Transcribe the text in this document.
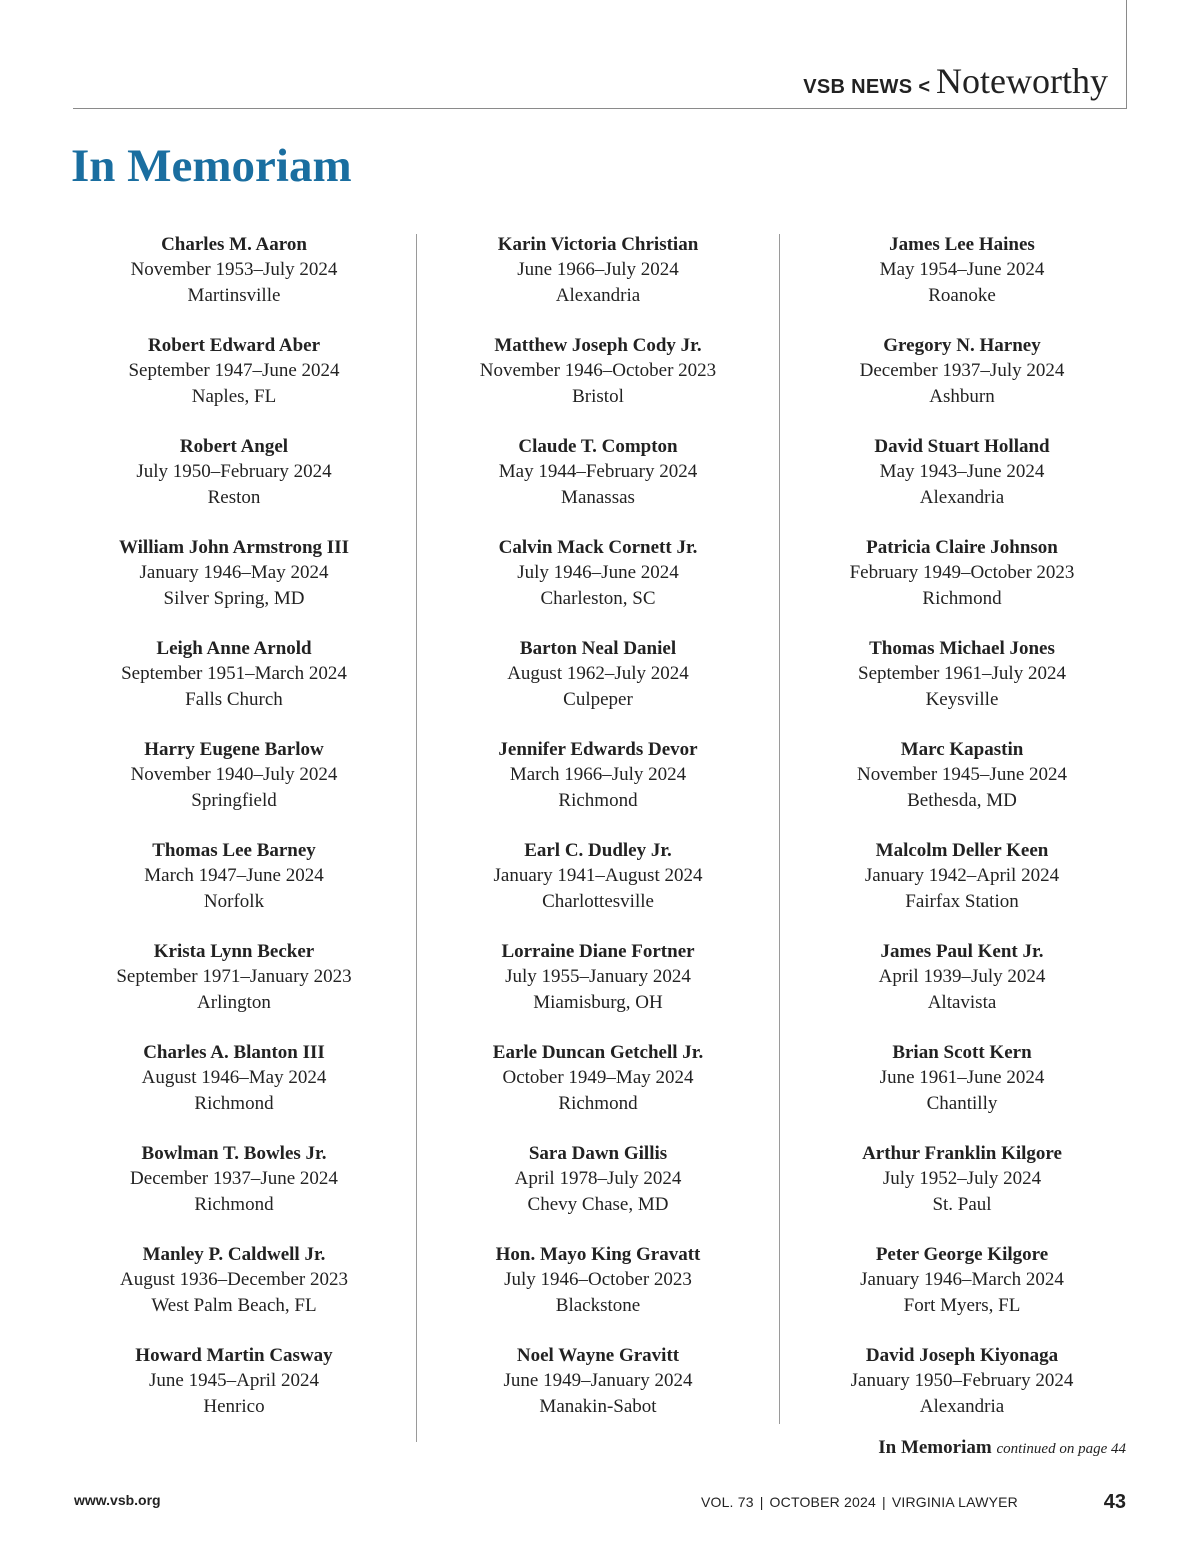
VSB NEWS < Noteworthy
In Memoriam
Charles M. Aaron
November 1953–July 2024
Martinsville
Robert Edward Aber
September 1947–June 2024
Naples, FL
Robert Angel
July 1950–February 2024
Reston
William John Armstrong III
January 1946–May 2024
Silver Spring, MD
Leigh Anne Arnold
September 1951–March 2024
Falls Church
Harry Eugene Barlow
November 1940–July 2024
Springfield
Thomas Lee Barney
March 1947–June 2024
Norfolk
Krista Lynn Becker
September 1971–January 2023
Arlington
Charles A. Blanton III
August 1946–May 2024
Richmond
Bowlman T. Bowles Jr.
December 1937–June 2024
Richmond
Manley P. Caldwell Jr.
August 1936–December 2023
West Palm Beach, FL
Howard Martin Casway
June 1945–April 2024
Henrico
Karin Victoria Christian
June 1966–July 2024
Alexandria
Matthew Joseph Cody Jr.
November 1946–October 2023
Bristol
Claude T. Compton
May 1944–February 2024
Manassas
Calvin Mack Cornett Jr.
July 1946–June 2024
Charleston, SC
Barton Neal Daniel
August 1962–July 2024
Culpeper
Jennifer Edwards Devor
March 1966–July 2024
Richmond
Earl C. Dudley Jr.
January 1941–August 2024
Charlottesville
Lorraine Diane Fortner
July 1955–January 2024
Miamisburg, OH
Earle Duncan Getchell Jr.
October 1949–May 2024
Richmond
Sara Dawn Gillis
April 1978–July 2024
Chevy Chase, MD
Hon. Mayo King Gravatt
July 1946–October 2023
Blackstone
Noel Wayne Gravitt
June 1949–January 2024
Manakin-Sabot
James Lee Haines
May 1954–June 2024
Roanoke
Gregory N. Harney
December 1937–July 2024
Ashburn
David Stuart Holland
May 1943–June 2024
Alexandria
Patricia Claire Johnson
February 1949–October 2023
Richmond
Thomas Michael Jones
September 1961–July 2024
Keysville
Marc Kapastin
November 1945–June 2024
Bethesda, MD
Malcolm Deller Keen
January 1942–April 2024
Fairfax Station
James Paul Kent Jr.
April 1939–July 2024
Altavista
Brian Scott Kern
June 1961–June 2024
Chantilly
Arthur Franklin Kilgore
July 1952–July 2024
St. Paul
Peter George Kilgore
January 1946–March 2024
Fort Myers, FL
David Joseph Kiyonaga
January 1950–February 2024
Alexandria
In Memoriam continued on page 44
www.vsb.org	VOL. 73 | OCTOBER 2024 | VIRGINIA LAWYER	43
